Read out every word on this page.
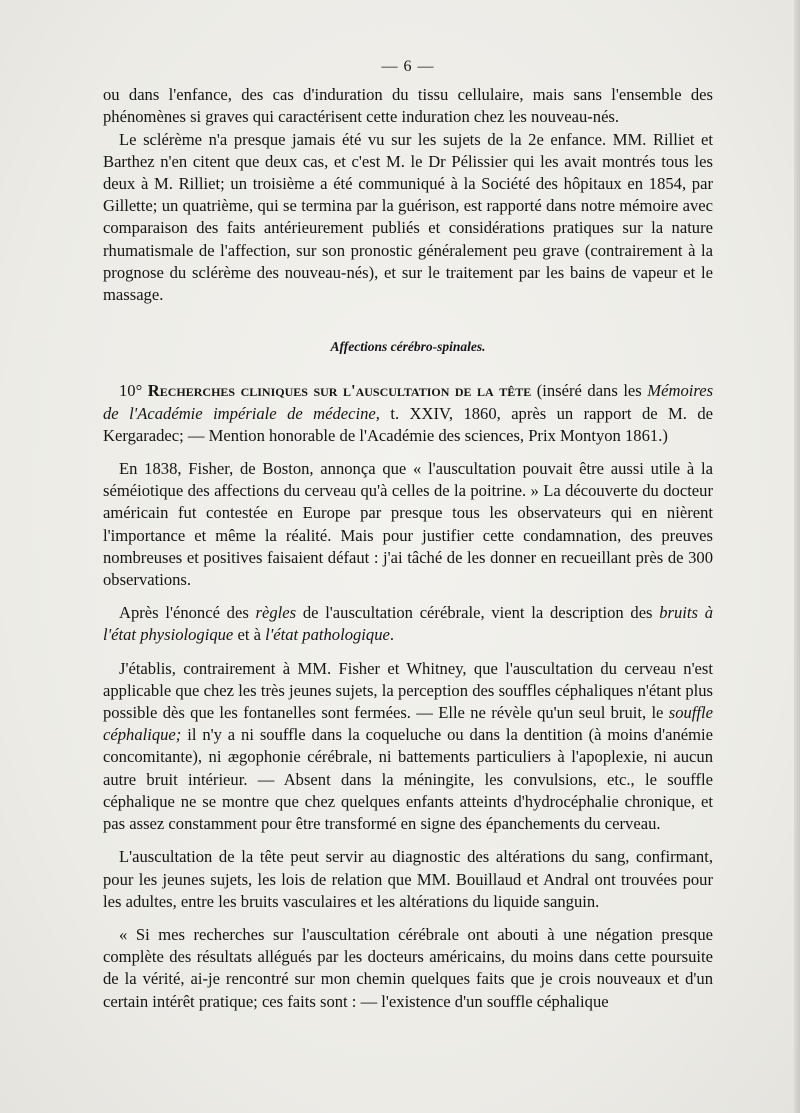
— 6 —

ou dans l'enfance, des cas d'induration du tissu cellulaire, mais sans l'ensemble des phénomènes si graves qui caractérisent cette induration chez les nouveau-nés.

Le sclérème n'a presque jamais été vu sur les sujets de la 2e enfance. MM. Rilliet et Barthez n'en citent que deux cas, et c'est M. le Dr Pélissier qui les avait montrés tous les deux à M. Rilliet; un troisième a été communiqué à la Société des hôpitaux en 1854, par Gillette; un quatrième, qui se termina par la guérison, est rapporté dans notre mémoire avec comparaison des faits antérieurement publiés et considérations pratiques sur la nature rhumatismale de l'affection, sur son pronostic généralement peu grave (contrairement à la prognose du sclérème des nouveau-nés), et sur le traitement par les bains de vapeur et le massage.

Affections cérébro-spinales.

10° Recherches cliniques sur l'auscultation de la tête (inséré dans les Mémoires de l'Académie impériale de médecine, t. XXIV, 1860, après un rapport de M. de Kergaradec; — Mention honorable de l'Académie des sciences, Prix Montyon 1861.)

En 1838, Fisher, de Boston, annonça que « l'auscultation pouvait être aussi utile à la séméiotique des affections du cerveau qu'à celles de la poitrine. » La découverte du docteur américain fut contestée en Europe par presque tous les observateurs qui en nièrent l'importance et même la réalité. Mais pour justifier cette condamnation, des preuves nombreuses et positives faisaient défaut : j'ai tâché de les donner en recueillant près de 300 observations.

Après l'énoncé des règles de l'auscultation cérébrale, vient la description des bruits à l'état physiologique et à l'état pathologique.

J'établis, contrairement à MM. Fisher et Whitney, que l'auscultation du cerveau n'est applicable que chez les très jeunes sujets, la perception des souffles céphaliques n'étant plus possible dès que les fontanelles sont fermées. — Elle ne révèle qu'un seul bruit, le souffle céphalique; il n'y a ni souffle dans la coqueluche ou dans la dentition (à moins d'anémie concomitante), ni ægophonie cérébrale, ni battements particuliers à l'apoplexie, ni aucun autre bruit intérieur. — Absent dans la méningite, les convulsions, etc., le souffle céphalique ne se montre que chez quelques enfants atteints d'hydrocéphalie chronique, et pas assez constamment pour être transformé en signe des épanchements du cerveau.

L'auscultation de la tête peut servir au diagnostic des altérations du sang, confirmant, pour les jeunes sujets, les lois de relation que MM. Bouillaud et Andral ont trouvées pour les adultes, entre les bruits vasculaires et les altérations du liquide sanguin.

« Si mes recherches sur l'auscultation cérébrale ont abouti à une négation presque complète des résultats allégués par les docteurs américains, du moins dans cette poursuite de la vérité, ai-je rencontré sur mon chemin quelques faits que je crois nouveaux et d'un certain intérêt pratique; ces faits sont : — l'existence d'un souffle céphalique
